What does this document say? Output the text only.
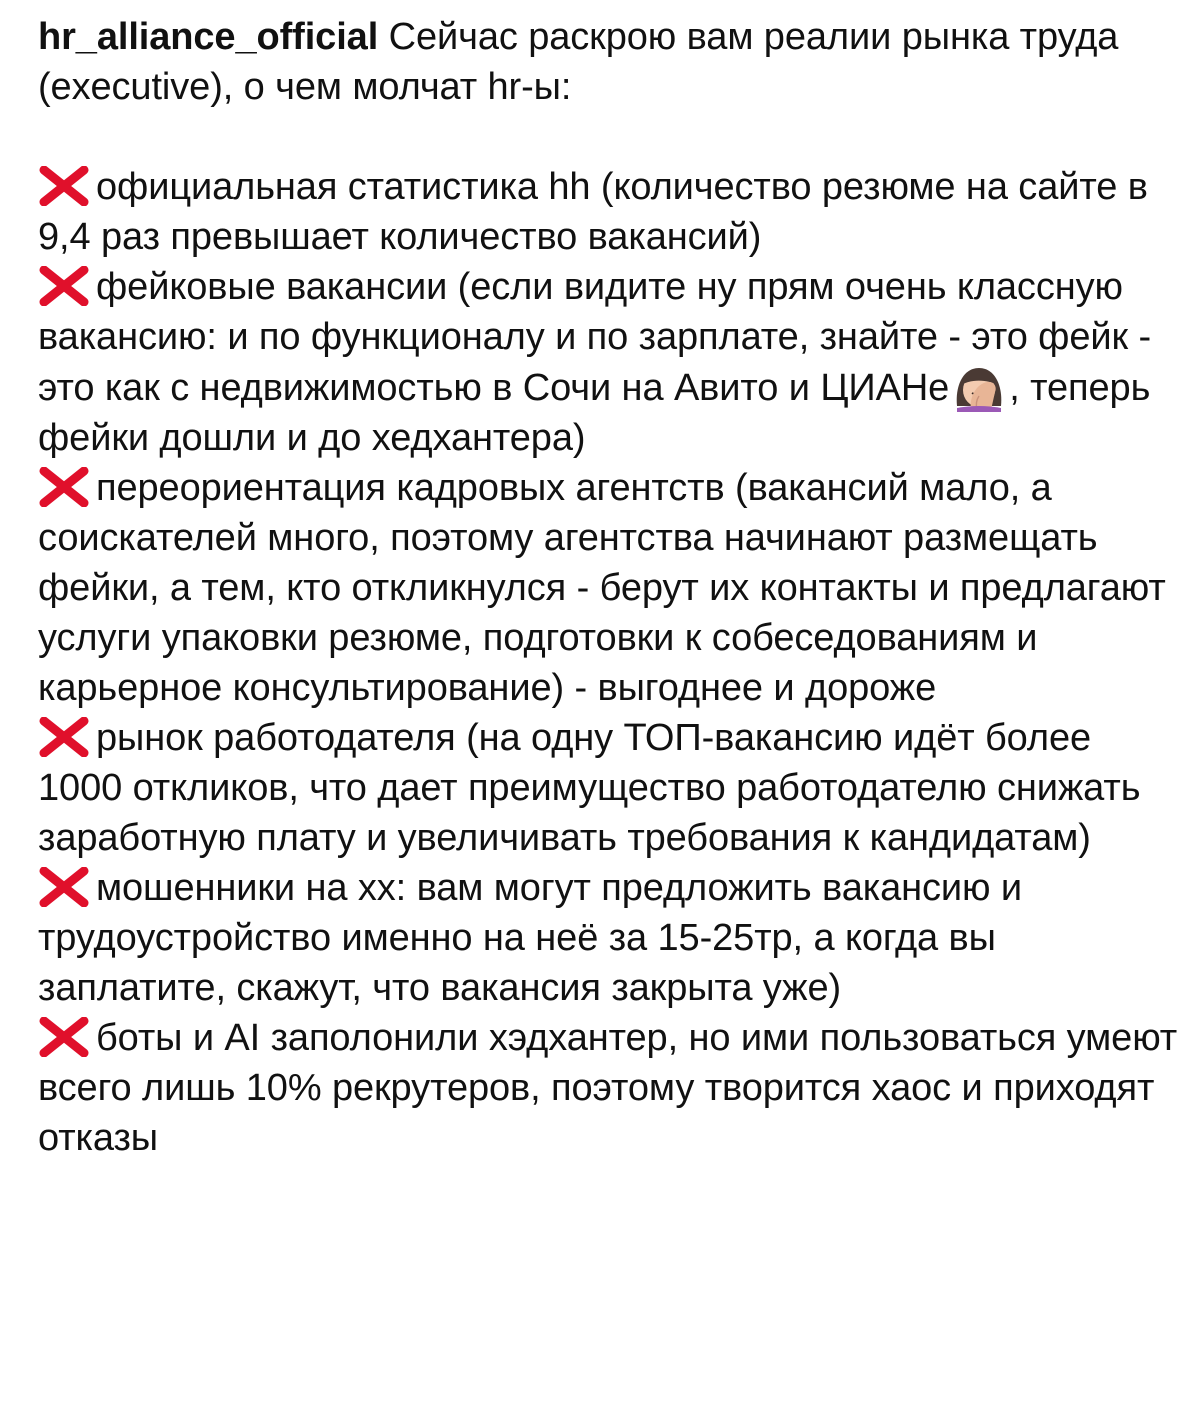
hr_alliance_official Сейчас раскрою вам реалии рынка труда (executive), о чем молчат hr-ы:

официальная статистика hh (количество резюме на сайте в 9,4 раз превышает количество вакансий)

фейковые вакансии (если видите ну прям очень классную вакансию: и по функционалу и по зарплате, знайте - это фейк - это как с недвижимостью в Сочи на Авито и ЦИАНе , теперь фейки дошли и до хедхантера)

переориентация кадровых агентств (вакансий мало, а соискателей много, поэтому агентства начинают размещать фейки, а тем, кто откликнулся - берут их контакты и предлагают услуги упаковки резюме, подготовки к собеседованиям и карьерное консультирование) - выгоднее и дороже

рынок работодателя (на одну ТОП-вакансию идёт более 1000 откликов, что дает преимущество работодателю снижать заработную плату и увеличивать требования к кандидатам)

мошенники на хх: вам могут предложить вакансию и трудоустройство именно на неё за 15-25тр, а когда вы заплатите, скажут, что вакансия закрыта уже)

боты и AI заполонили хэдхантер, но ими пользоваться умеют всего лишь 10% рекрутеров, поэтому творится хаос и приходят отказы
